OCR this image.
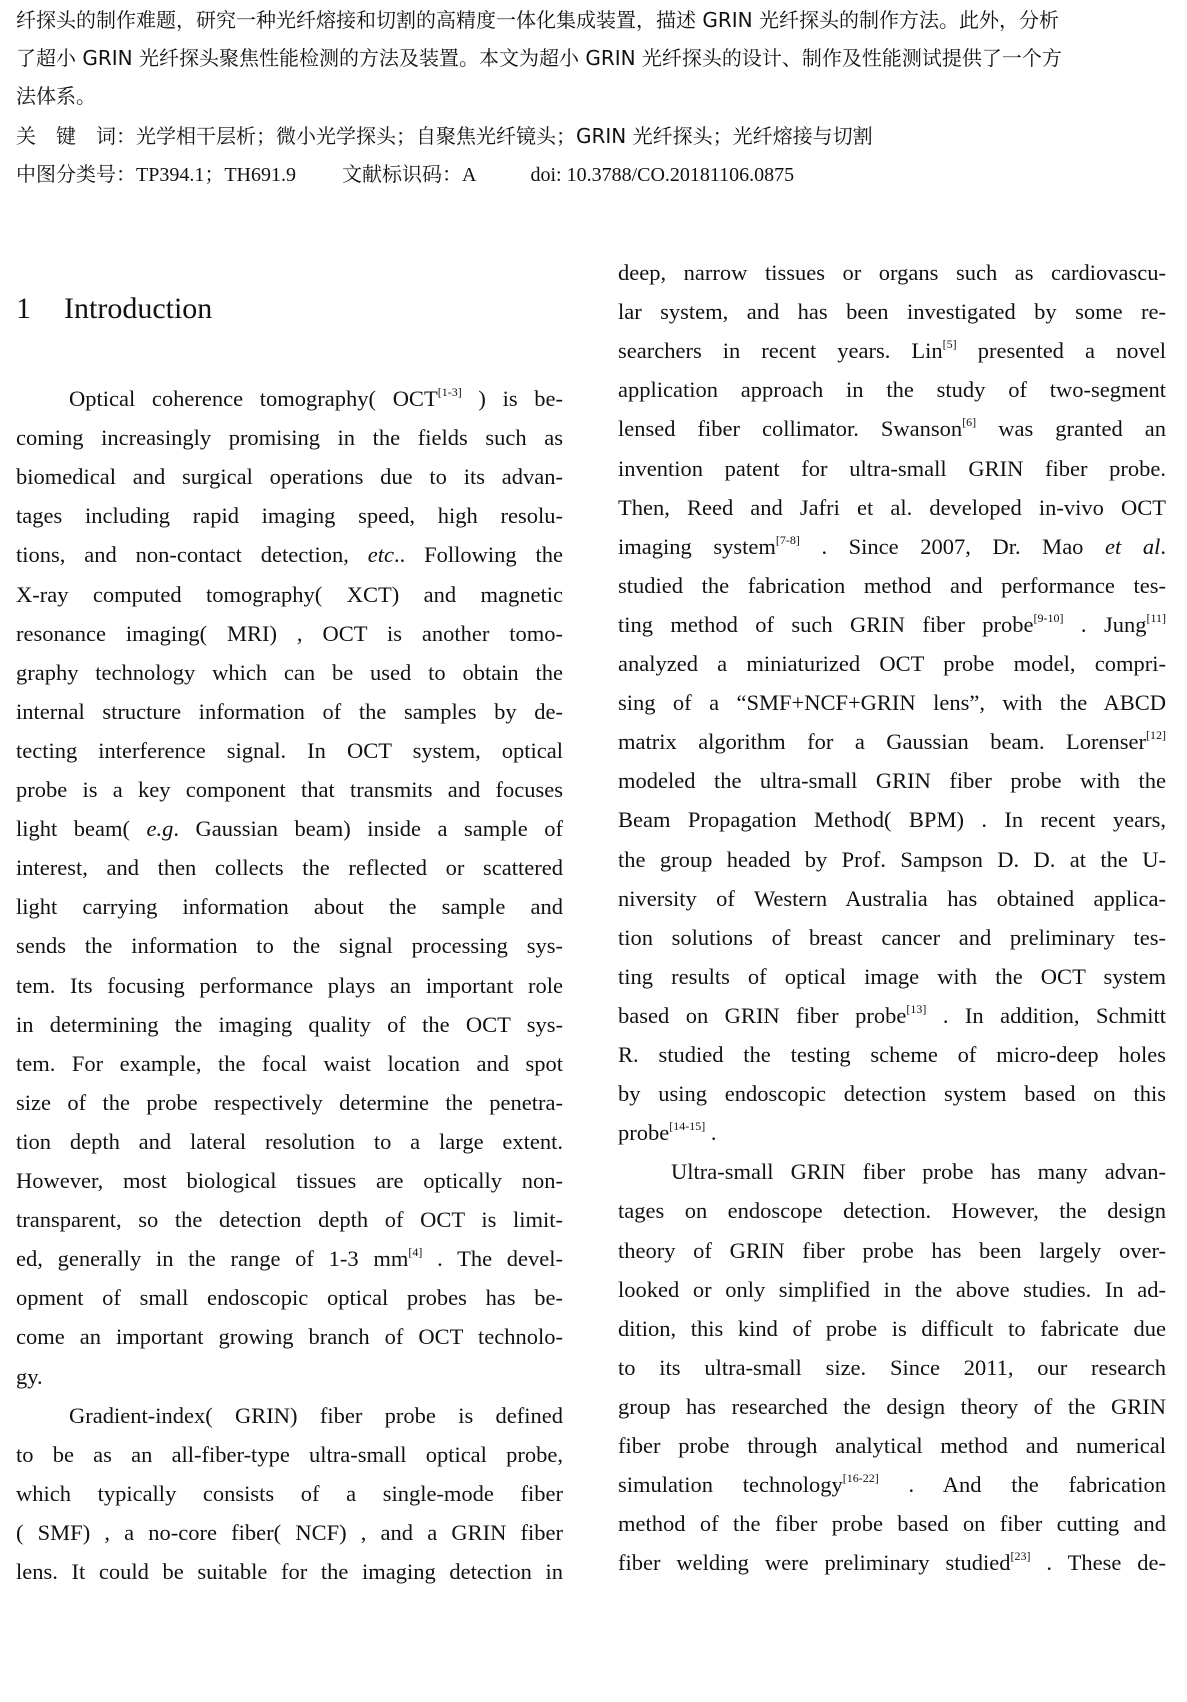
纤探头的制作难题，研究一种光纤熔接和切割的高精度一体化集成装置，描述 GRIN 光纤探头的制作方法。此外，分析
了超小 GRIN 光纤探头聚焦性能检测的方法及装置。本文为超小 GRIN 光纤探头的设计、制作及性能测试提供了一个方
法体系。
关　键　词：光学相干层析；微小光学探头；自聚焦光纤镜头；GRIN 光纤探头；光纤熔接与切割
中图分类号：TP394.1；TH691.9 文献标识码：A	doi: 10.3788/CO.20181106.0875
1 Introduction
Optical coherence tomography( OCT[1-3] ) is be-
coming increasingly promising in the fields such as
biomedical and surgical operations due to its advan-
tages including rapid imaging speed, high resolu-
tions, and non-contact detection, etc.. Following the
X-ray computed tomography( XCT) and magnetic
resonance imaging( MRI) , OCT is another tomo-
graphy technology which can be used to obtain the
internal structure information of the samples by de-
tecting interference signal. In OCT system, optical
probe is a key component that transmits and focuses
light beam( e.g. Gaussian beam) inside a sample of
interest, and then collects the reflected or scattered
light carrying information about the sample and
sends the information to the signal processing sys-
tem. Its focusing performance plays an important role
in determining the imaging quality of the OCT sys-
tem. For example, the focal waist location and spot
size of the probe respectively determine the penetra-
tion depth and lateral resolution to a large extent.
However, most biological tissues are optically non-
transparent, so the detection depth of OCT is limit-
ed, generally in the range of 1-3 mm[4] . The devel-
opment of small endoscopic optical probes has be-
come an important growing branch of OCT technolo-
gy.
Gradient-index( GRIN) fiber probe is defined
to be as an all-fiber-type ultra-small optical probe,
which typically consists of a single-mode fiber
( SMF) , a no-core fiber( NCF) , and a GRIN fiber
lens. It could be suitable for the imaging detection in
deep, narrow tissues or organs such as cardiovascu-
lar system, and has been investigated by some re-
searchers in recent years. Lin[5] presented a novel
application approach in the study of two-segment
lensed fiber collimator. Swanson[6] was granted an
invention patent for ultra-small GRIN fiber probe.
Then, Reed and Jafri et al. developed in-vivo OCT
imaging system[7-8] . Since 2007, Dr. Mao et al.
studied the fabrication method and performance tes-
ting method of such GRIN fiber probe[9-10] . Jung[11]
analyzed a miniaturized OCT probe model, compri-
sing of a “SMF+NCF+GRIN lens”, with the ABCD
matrix algorithm for a Gaussian beam. Lorenser[12]
modeled the ultra-small GRIN fiber probe with the
Beam Propagation Method( BPM) . In recent years,
the group headed by Prof. Sampson D. D. at the U-
niversity of Western Australia has obtained applica-
tion solutions of breast cancer and preliminary tes-
ting results of optical image with the OCT system
based on GRIN fiber probe[13] . In addition, Schmitt
R. studied the testing scheme of micro-deep holes
by using endoscopic detection system based on this
probe[14-15] .
Ultra-small GRIN fiber probe has many advan-
tages on endoscope detection. However, the design
theory of GRIN fiber probe has been largely over-
looked or only simplified in the above studies. In ad-
dition, this kind of probe is difficult to fabricate due
to its ultra-small size. Since 2011, our research
group has researched the design theory of the GRIN
fiber probe through analytical method and numerical
simulation technology[16-22] . And the fabrication
method of the fiber probe based on fiber cutting and
fiber welding were preliminary studied[23] . These de-
